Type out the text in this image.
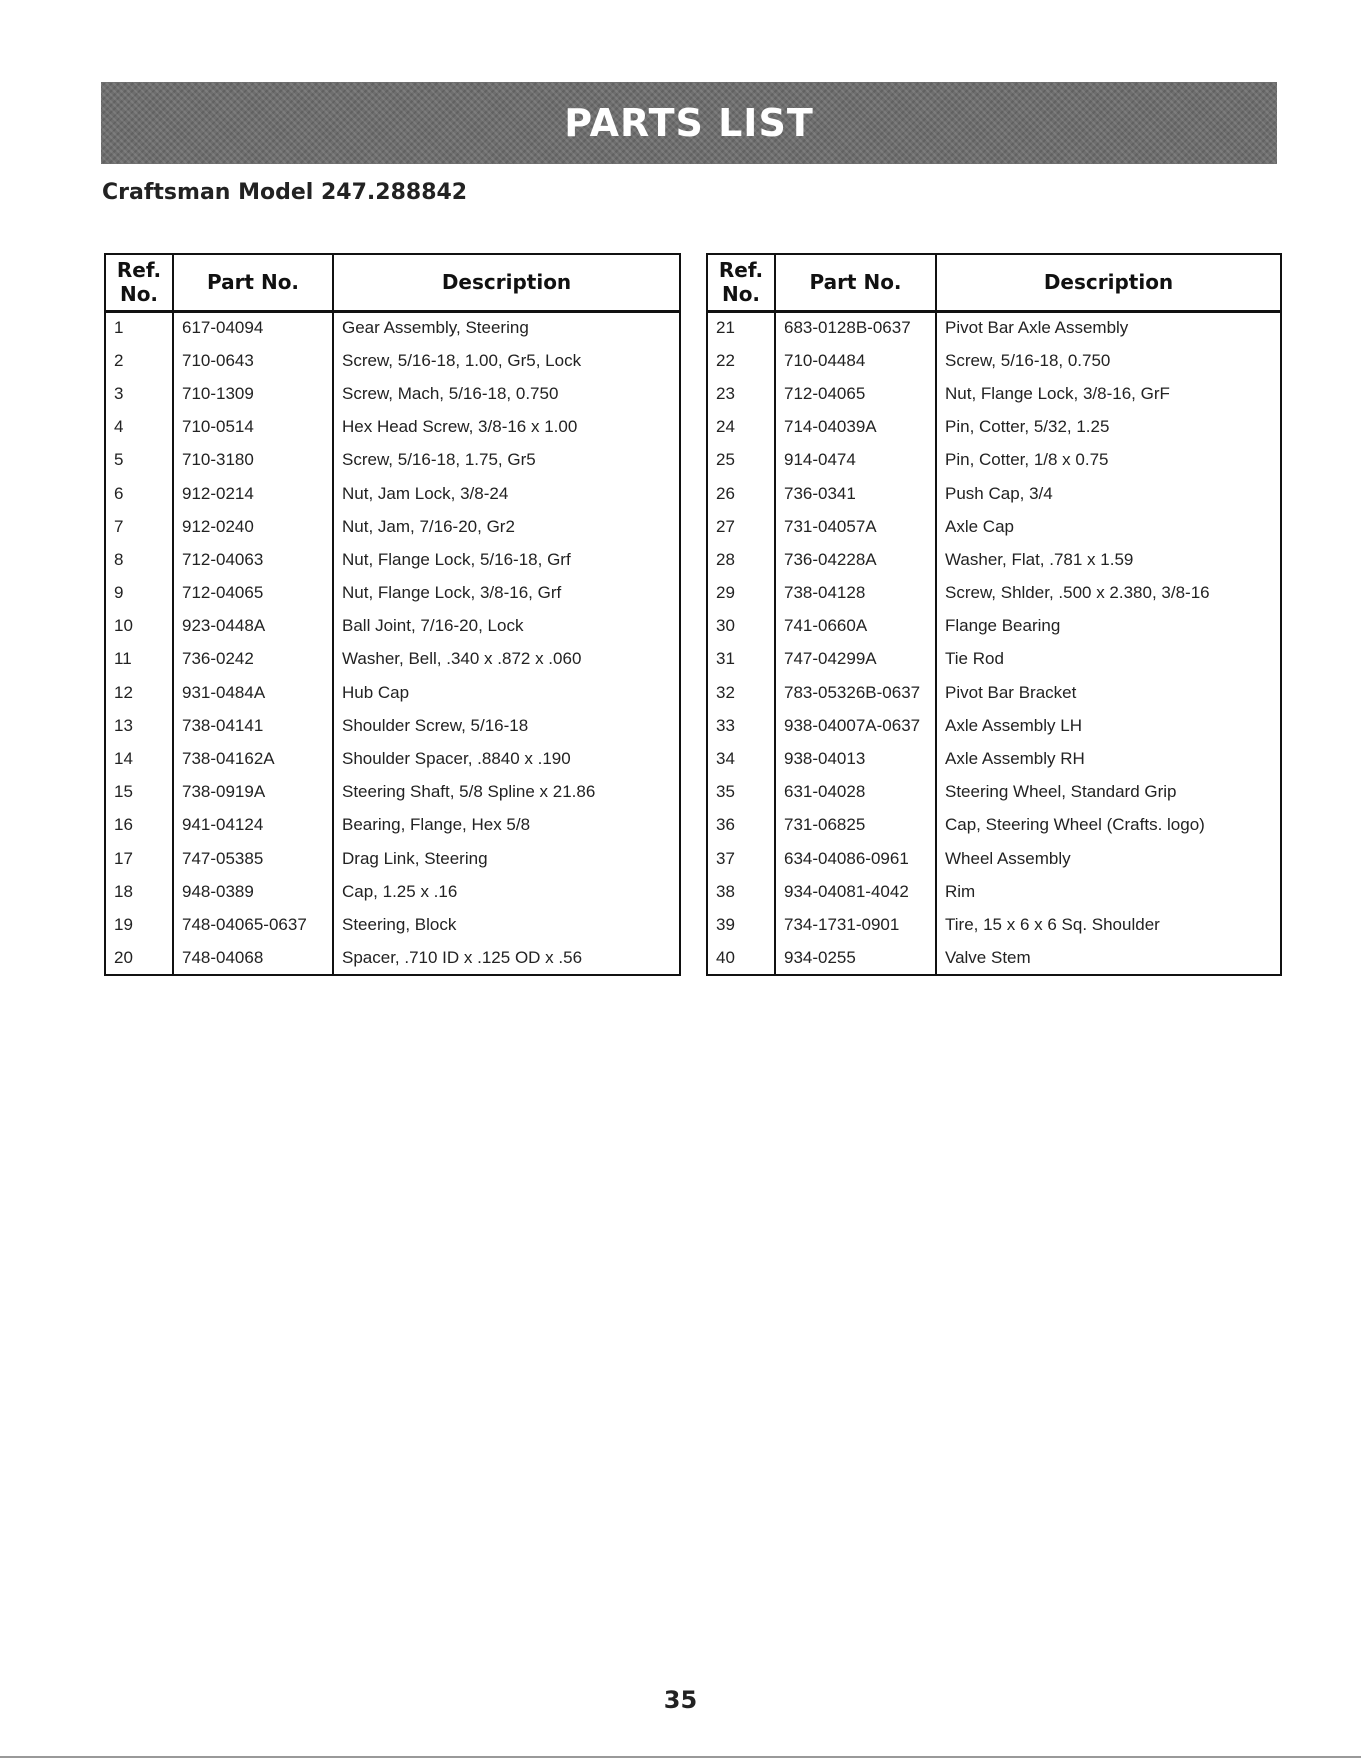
PARTS LIST
Craftsman Model 247.288842
Ref.
No.	Part No.	Description
1	617-04094	Gear Assembly, Steering
2	710-0643	Screw, 5/16-18, 1.00, Gr5, Lock
3	710-1309	Screw, Mach, 5/16-18, 0.750
4	710-0514	Hex Head Screw, 3/8-16 x 1.00
5	710-3180	Screw, 5/16-18, 1.75, Gr5
6	912-0214	Nut, Jam Lock, 3/8-24
7	912-0240	Nut, Jam, 7/16-20, Gr2
8	712-04063	Nut, Flange Lock, 5/16-18, Grf
9	712-04065	Nut, Flange Lock, 3/8-16, Grf
10	923-0448A	Ball Joint, 7/16-20, Lock
11	736-0242	Washer, Bell, .340 x .872 x .060
12	931-0484A	Hub Cap
13	738-04141	Shoulder Screw, 5/16-18
14	738-04162A	Shoulder Spacer, .8840 x .190
15	738-0919A	Steering Shaft, 5/8 Spline x 21.86
16	941-04124	Bearing, Flange, Hex 5/8
17	747-05385	Drag Link, Steering
18	948-0389	Cap, 1.25 x .16
19	748-04065-0637	Steering, Block
20	748-04068	Spacer, .710 ID x .125 OD x .56
Ref.
No.	Part No.	Description
21	683-0128B-0637	Pivot Bar Axle Assembly
22	710-04484	Screw, 5/16-18, 0.750
23	712-04065	Nut, Flange Lock, 3/8-16, GrF
24	714-04039A	Pin, Cotter, 5/32, 1.25
25	914-0474	Pin, Cotter, 1/8 x 0.75
26	736-0341	Push Cap, 3/4
27	731-04057A	Axle Cap
28	736-04228A	Washer, Flat, .781 x 1.59
29	738-04128	Screw, Shlder, .500 x 2.380, 3/8-16
30	741-0660A	Flange Bearing
31	747-04299A	Tie Rod
32	783-05326B-0637	Pivot Bar Bracket
33	938-04007A-0637	Axle Assembly LH
34	938-04013	Axle Assembly RH
35	631-04028	Steering Wheel, Standard Grip
36	731-06825	Cap, Steering Wheel (Crafts. logo)
37	634-04086-0961	Wheel Assembly
38	934-04081-4042	Rim
39	734-1731-0901	Tire, 15 x 6 x 6 Sq. Shoulder
40	934-0255	Valve Stem
35
